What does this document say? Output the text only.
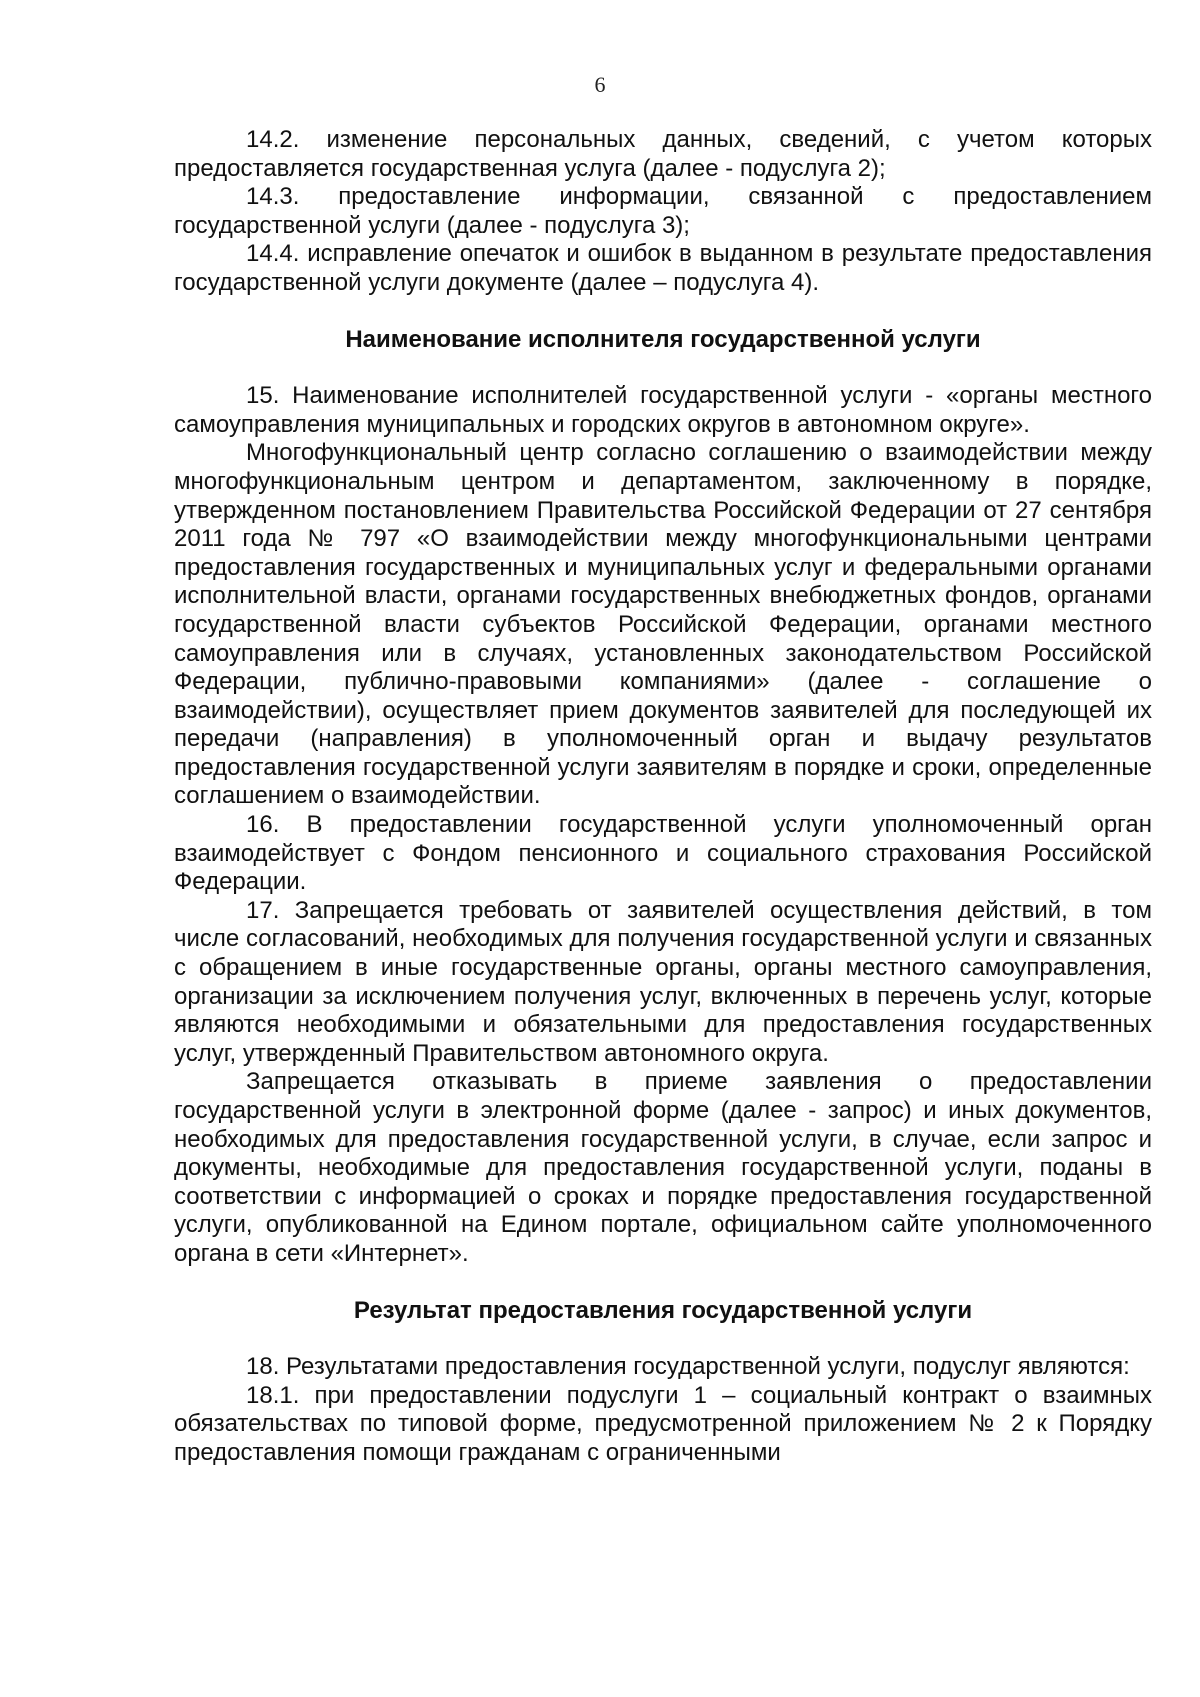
6

14.2. изменение персональных данных, сведений, с учетом которых предоставляется государственная услуга (далее - подуслуга 2);

14.3. предоставление информации, связанной с предоставлением государственной услуги (далее - подуслуга 3);

14.4. исправление опечаток и ошибок в выданном в результате предоставления государственной услуги документе (далее – подуслуга 4).

Наименование исполнителя государственной услуги

15. Наименование исполнителей государственной услуги - «органы местного самоуправления муниципальных и городских округов в автономном округе».

Многофункциональный центр согласно соглашению о взаимодействии между многофункциональным центром и департаментом, заключенному в порядке, утвержденном постановлением Правительства Российской Федерации от 27 сентября 2011 года № 797 «О взаимодействии между многофункциональными центрами предоставления государственных и муниципальных услуг и федеральными органами исполнительной власти, органами государственных внебюджетных фондов, органами государственной власти субъектов Российской Федерации, органами местного самоуправления или в случаях, установленных законодательством Российской Федерации, публично-правовыми компаниями» (далее - соглашение о взаимодействии), осуществляет прием документов заявителей для последующей их передачи (направления) в уполномоченный орган и выдачу результатов предоставления государственной услуги заявителям в порядке и сроки, определенные соглашением о взаимодействии.

16. В предоставлении государственной услуги уполномоченный орган взаимодействует с Фондом пенсионного и социального страхования Российской Федерации.

17. Запрещается требовать от заявителей осуществления действий, в том числе согласований, необходимых для получения государственной услуги и связанных с обращением в иные государственные органы, органы местного самоуправления, организации за исключением получения услуг, включенных в перечень услуг, которые являются необходимыми и обязательными для предоставления государственных услуг, утвержденный Правительством автономного округа.

Запрещается отказывать в приеме заявления о предоставлении государственной услуги в электронной форме (далее - запрос) и иных документов, необходимых для предоставления государственной услуги, в случае, если запрос и документы, необходимые для предоставления государственной услуги, поданы в соответствии с информацией о сроках и порядке предоставления государственной услуги, опубликованной на Едином портале, официальном сайте уполномоченного органа в сети «Интернет».

Результат предоставления государственной услуги

18. Результатами предоставления государственной услуги, подуслуг являются:

18.1. при предоставлении подуслуги 1 – социальный контракт о взаимных обязательствах по типовой форме, предусмотренной приложением № 2 к Порядку предоставления помощи гражданам с ограниченными
